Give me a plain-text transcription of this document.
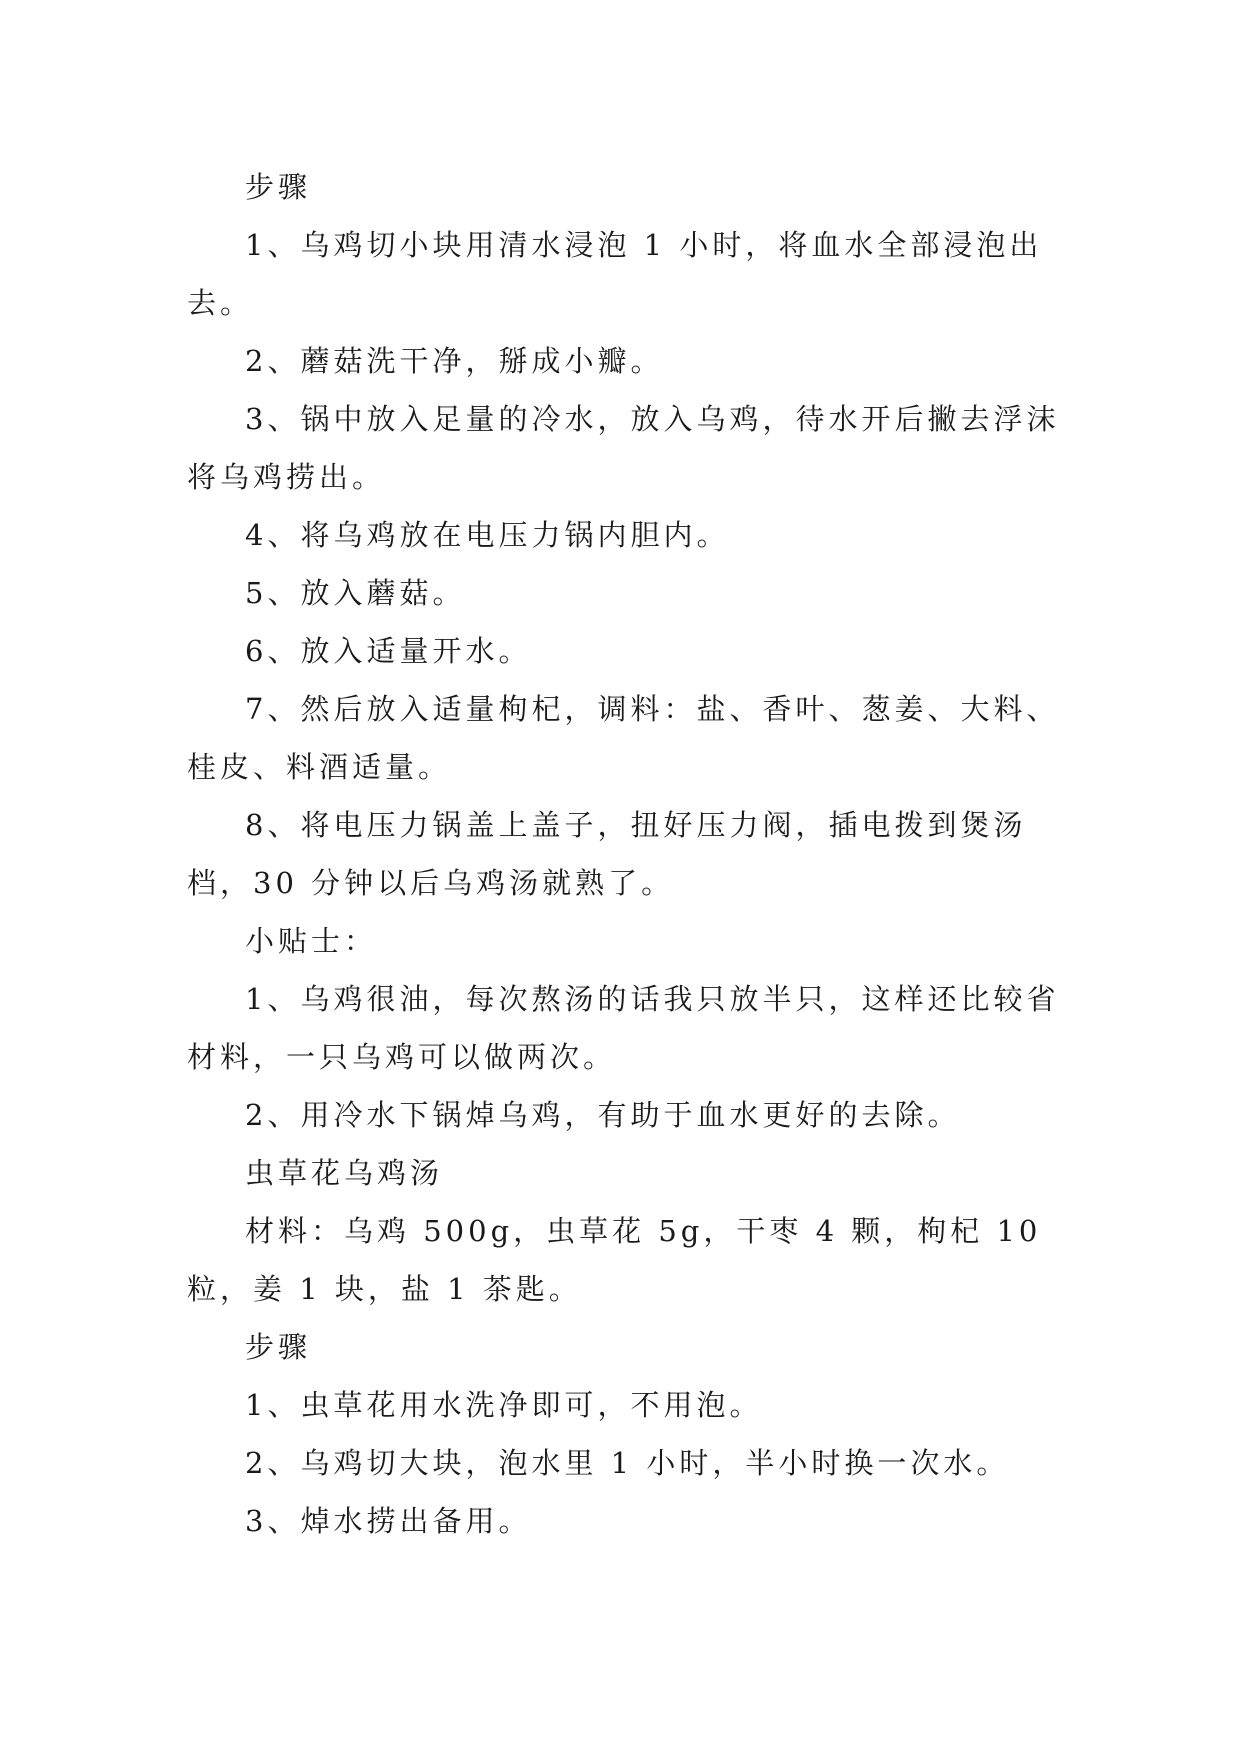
步骤

1、乌鸡切小块用清水浸泡 1 小时，将血水全部浸泡出去。

2、蘑菇洗干净，掰成小瓣。

3、锅中放入足量的冷水，放入乌鸡，待水开后撇去浮沫将乌鸡捞出。

4、将乌鸡放在电压力锅内胆内。

5、放入蘑菇。

6、放入适量开水。

7、然后放入适量枸杞，调料：盐、香叶、葱姜、大料、桂皮、料酒适量。

8、将电压力锅盖上盖子，扭好压力阀，插电拨到煲汤档，30 分钟以后乌鸡汤就熟了。

小贴士：

1、乌鸡很油，每次熬汤的话我只放半只，这样还比较省材料，一只乌鸡可以做两次。

2、用冷水下锅焯乌鸡，有助于血水更好的去除。

虫草花乌鸡汤

材料：乌鸡 500g，虫草花 5g，干枣 4 颗，枸杞 10 粒，姜 1 块，盐 1 茶匙。

步骤

1、虫草花用水洗净即可，不用泡。

2、乌鸡切大块，泡水里 1 小时，半小时换一次水。

3、焯水捞出备用。
